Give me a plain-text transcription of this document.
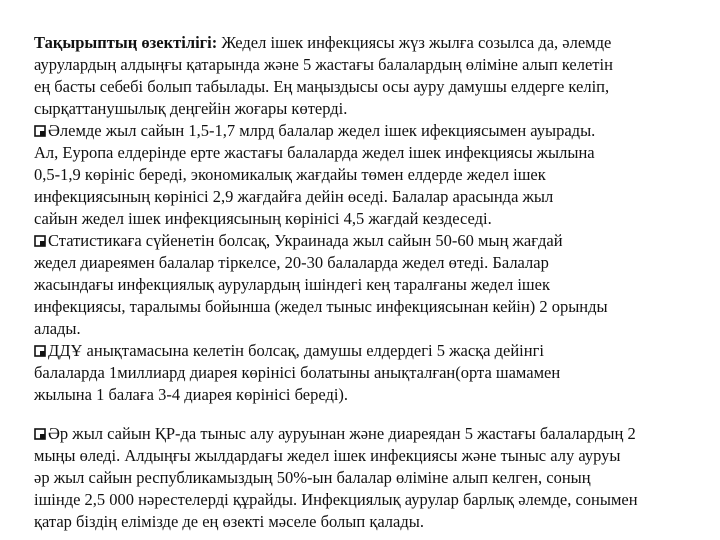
Тақырыптың өзектілігі: Жедел ішек инфекциясы жүз жылға созылса да, әлемде
аурулардың алдыңғы қатарында және 5 жастағы балалардың өліміне алып келетін
ең басты себебі болып табылады. Ең маңыздысы осы ауру дамушы елдерге келіп,
сырқаттанушылық деңгейін жоғары көтерді.
Әлемде жыл сайын 1,5-1,7 млрд балалар жедел ішек ифекциясымен ауырады.
Ал, Еуропа елдерінде ерте жастағы балаларда жедел ішек инфекциясы жылына
0,5-1,9 көрініс береді, экономикалық жағдайы төмен елдерде жедел ішек
инфекциясының көрінісі 2,9 жағдайға дейін өседі. Балалар арасында жыл
сайын жедел ішек инфекциясының көрінісі 4,5 жағдай кездеседі.
Статистикаға сүйенетін болсақ, Украинада жыл сайын 50-60 мың жағдай
жедел диареямен балалар тіркелсе, 20-30 балаларда жедел өтеді. Балалар
жасындағы инфекциялық аурулардың ішіндегі кең таралғаны жедел ішек
инфекциясы, таралымы бойынша (жедел тыныс инфекциясынан кейін) 2 орынды
алады.
ДДҰ анықтамасына келетін болсақ, дамушы елдердегі 5 жасқа дейінгі
балаларда 1миллиард диарея көрінісі болатыны анықталған(орта шамамен
жылына 1 балаға 3-4 диарея көрінісі береді).
Әр жыл сайын ҚР-да тыныс алу ауруынан және диареядан 5 жастағы балалардың 2
мыңы өледі. Алдыңғы жылдардағы жедел ішек инфекциясы және тыныс алу ауруы
әр жыл сайын республикамыздың 50%-ын балалар өліміне алып келген, соның
ішінде 2,5 000 нәрестелерді құрайды. Инфекциялық аурулар барлық әлемде, сонымен
қатар біздің елімізде де ең өзекті мәселе болып қалады.
